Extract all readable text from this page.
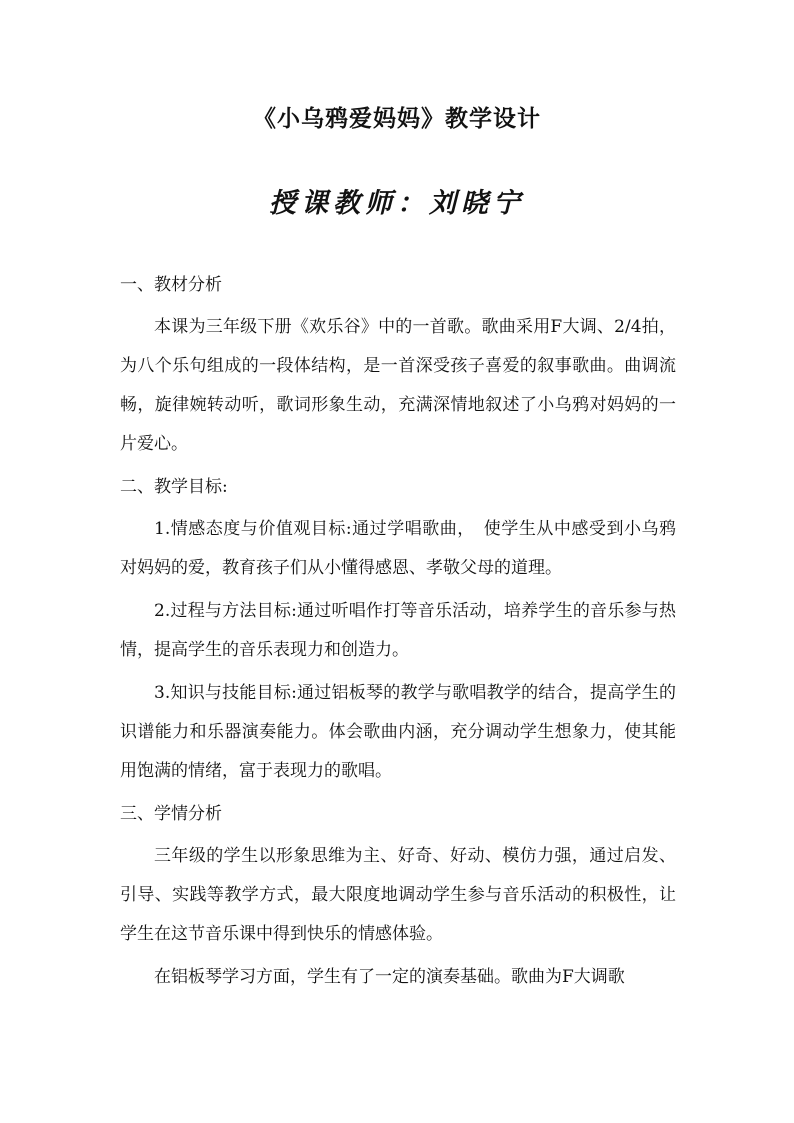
《小乌鸦爱妈妈》教学设计
授课教师：刘晓宁
一、教材分析

本课为三年级下册《欢乐谷》中的一首歌。歌曲采用F大调、2/4拍，为八个乐句组成的一段体结构，是一首深受孩子喜爱的叙事歌曲。曲调流畅，旋律婉转动听，歌词形象生动，充满深情地叙述了小乌鸦对妈妈的一片爱心。

二、教学目标:

1.情感态度与价值观目标:通过学唱歌曲，　使学生从中感受到小乌鸦对妈妈的爱，教育孩子们从小懂得感恩、孝敬父母的道理。

2.过程与方法目标:通过听唱作打等音乐活动，培养学生的音乐参与热情，提高学生的音乐表现力和创造力。

3.知识与技能目标:通过铝板琴的教学与歌唱教学的结合，提高学生的识谱能力和乐器演奏能力。体会歌曲内涵，充分调动学生想象力，使其能用饱满的情绪，富于表现力的歌唱。

三、学情分析

三年级的学生以形象思维为主、好奇、好动、模仿力强，通过启发、引导、实践等教学方式，最大限度地调动学生参与音乐活动的积极性，让学生在这节音乐课中得到快乐的情感体验。

在铝板琴学习方面，学生有了一定的演奏基础。歌曲为F大调歌
